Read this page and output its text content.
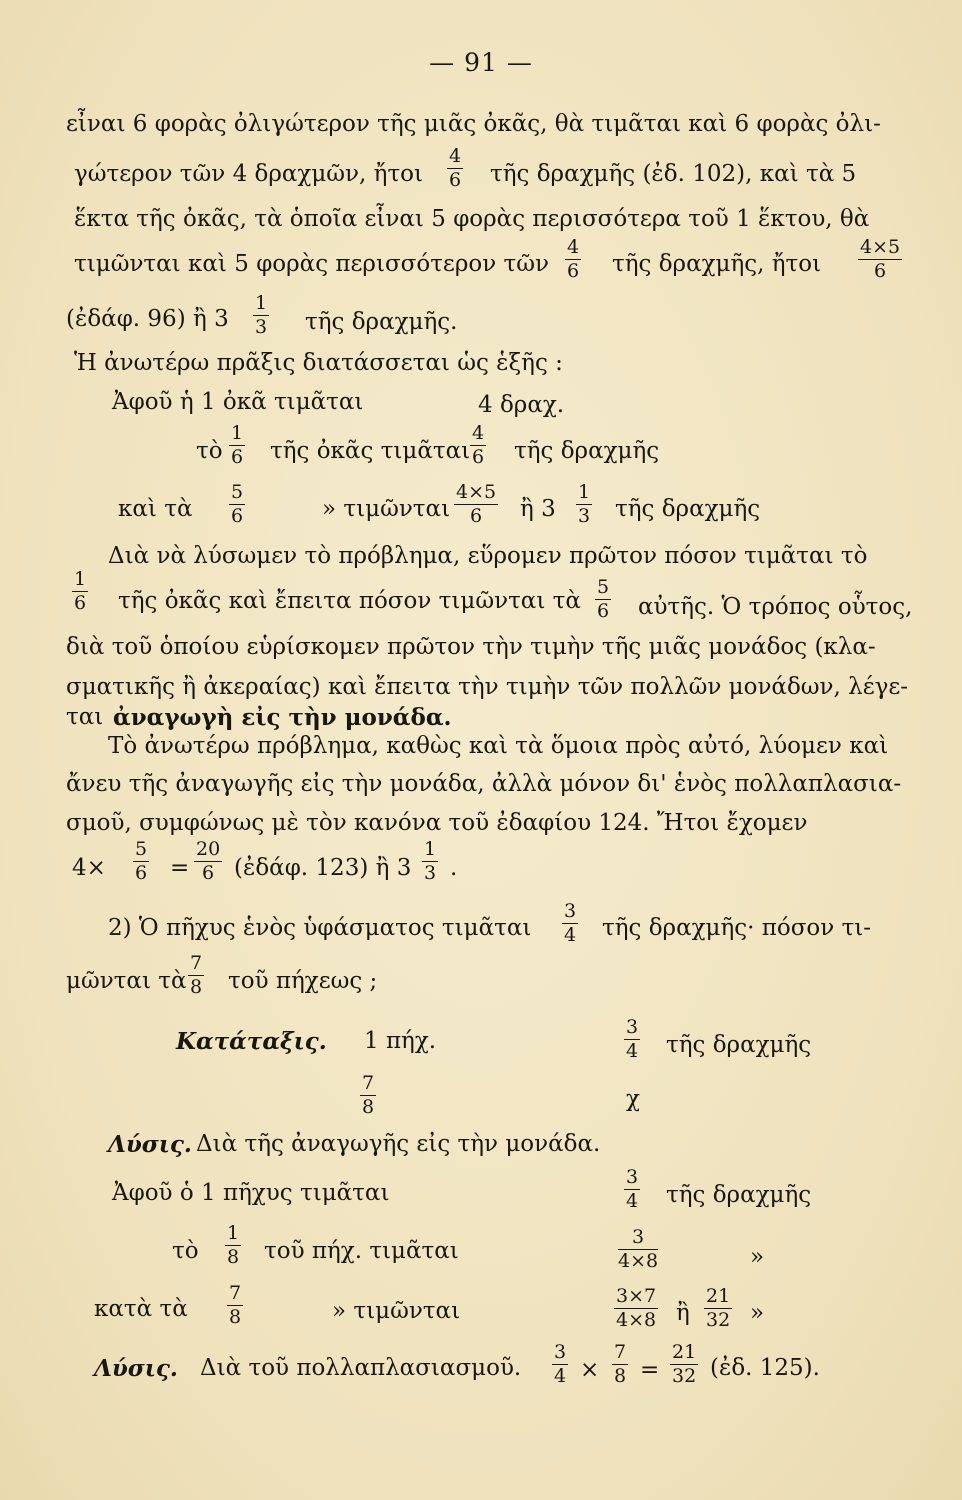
— 91 —
εἶναι 6 φορὰς ὀλιγώτερον τῆς μιᾶς ὀκᾶς, θὰ τιμᾶται καὶ 6 φορὰς ὀλι-
γώτερον τῶν 4 δραχμῶν, ἤτοι $\frac{4}{6}$ τῆς δραχμῆς (ἐδ. 102), καὶ τὰ 5
ἕκτα τῆς ὀκᾶς, τὰ ὁποῖα εἶναι 5 φορὰς περισσότερα τοῦ 1 ἕκτου, θὰ
τιμῶνται καὶ 5 φορὰς περισσότερον τῶν $\frac{4}{6}$ τῆς δραχμῆς, ἤτοι $\frac{4\times 5}{6}$
(ἐδάφ. 96) ἢ $3 \frac{1}{3}$ τῆς δραχμῆς.
Ἡ ἀνωτέρω πρᾶξις διατάσσεται ὡς ἑξῆς :
Ἀφοῦ ἡ 1 ὀκᾶ τιμᾶται	4 δραχ.
τὸ $\frac{1}{6}$ τῆς ὀκᾶς τιμᾶται $\frac{4}{6}$ τῆς δραχμῆς
καὶ τὰ $\frac{5}{6}$	» τιμῶνται $\frac{4\times 5}{6}$ ἢ $3 \frac{1}{3}$ τῆς δραχμῆς
Διὰ νὰ λύσωμεν τὸ πρόβλημα, εὕρομεν πρῶτον πόσον τιμᾶται τὸ
$\frac{1}{6}$ τῆς ὀκᾶς καὶ ἔπειτα πόσον τιμῶνται τὰ $\frac{5}{6}$ αὐτῆς. Ὁ τρόπος οὗτος,
διὰ τοῦ ὁποίου εὑρίσκομεν πρῶτον τὴν τιμὴν τῆς μιᾶς μονάδος (κλα-
σματικῆς ἢ ἀκεραίας) καὶ ἔπειτα τὴν τιμὴν τῶν πολλῶν μονάδων, λέγε-
ται ἀναγωγὴ εἰς τὴν μονάδα.
Τὸ ἀνωτέρω πρόβλημα, καθὼς καὶ τὰ ὅμοια πρὸς αὐτό, λύομεν καὶ
ἄνευ τῆς ἀναγωγῆς εἰς τὴν μονάδα, ἀλλὰ μόνον δι' ἑνὸς πολλαπλασια-
σμοῦ, συμφώνως μὲ τὸν κανόνα τοῦ ἐδαφίου 124. Ἤτοι ἔχομεν
$4\times \frac{5}{6} = \frac{20}{6}$ (ἐδάφ. 123) ἢ $3 \frac{1}{3}$ .
2) Ὁ πῆχυς ἑνὸς ὑφάσματος τιμᾶται $\frac{3}{4}$ τῆς δραχμῆς· πόσον τι-
μῶνται τὰ $\frac{7}{8}$ τοῦ πήχεως ;
Κατάταξις. 1 πήχ.	$\frac{3}{4}$ τῆς δραχμῆς
$\frac{7}{8}$	χ
Λύσις. Διὰ τῆς ἀναγωγῆς εἰς τὴν μονάδα.
Ἀφοῦ ὁ 1 πῆχυς τιμᾶται	$\frac{3}{4}$ τῆς δραχμῆς
τὸ $\frac{1}{8}$ τοῦ πήχ. τιμᾶται	$\frac{3}{4\times 8}$	»
κατὰ τὰ $\frac{7}{8}$	» τιμῶνται	$\frac{3\times 7}{4\times 8}$ ἢ $\frac{21}{32}$ »
Λύσις. Διὰ τοῦ πολλαπλασιασμοῦ. $\frac{3}{4} \times \frac{7}{8} = \frac{21}{32}$ (ἐδ. 125).
